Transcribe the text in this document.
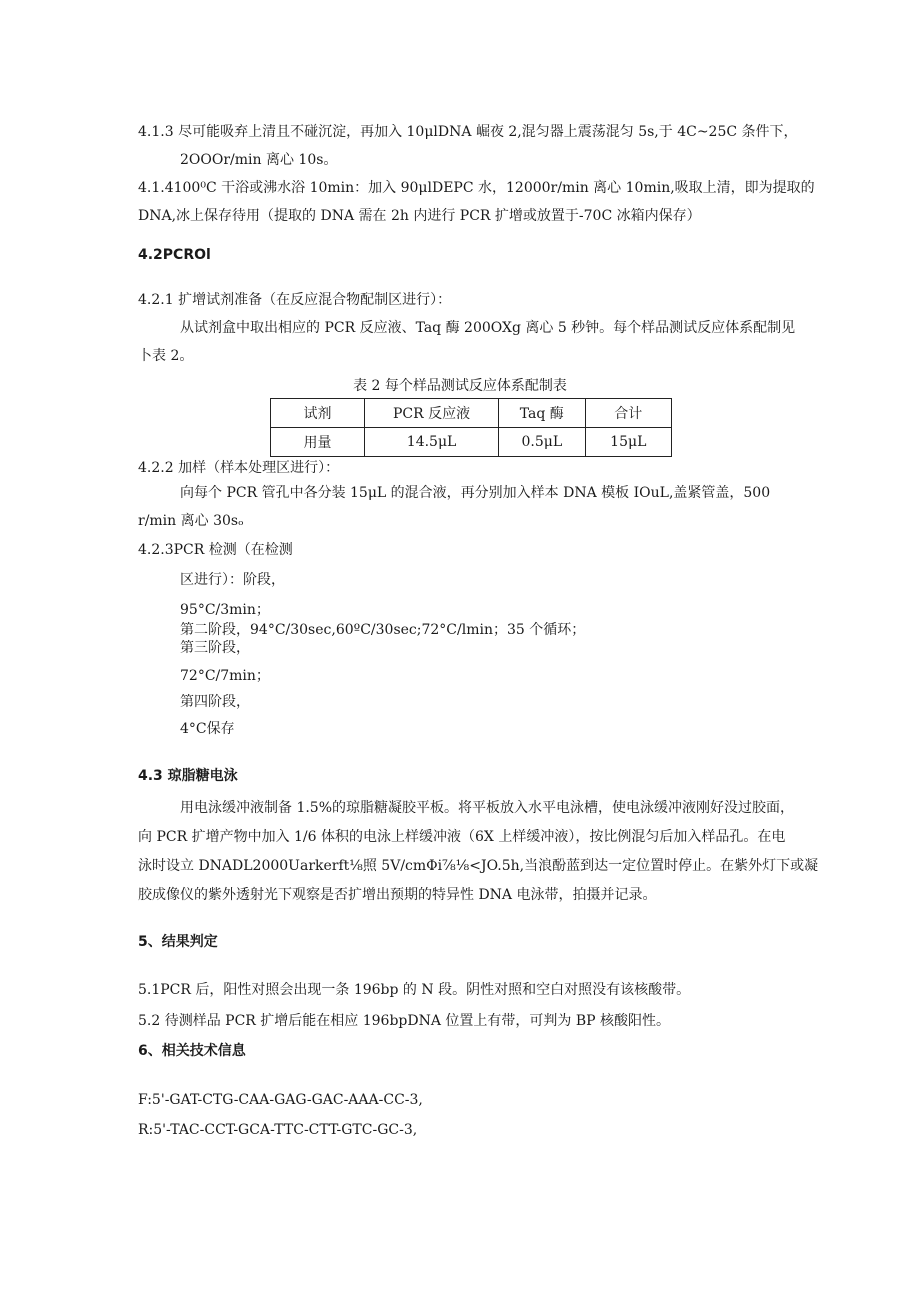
4.1.3 尽可能吸弃上清且不碰沉淀，再加入 10μlDNA 崛夜 2,混匀器上震荡混匀 5s,于 4C~25C 条件下，
2OOOr/min 离心 10s。
4.1.4100⁰C 干浴或沸水浴 10min：加入 90μlDEPC 水，12000r/min 离心 10min,吸取上清，即为提取的
DNA,冰上保存待用（提取的 DNA 需在 2h 内进行 PCR 扩增或放置于-70C 冰箱内保存）
4.2PCROl
4.2.1 扩增试剂准备（在反应混合物配制区进行）：
从试剂盒中取出相应的 PCR 反应液、Taq 酶 200OXg 离心 5 秒钟。每个样品测试反应体系配制见
卜表 2。
表 2 每个样品测试反应体系配制表
试剂	PCR 反应液	Taq 酶	合计
用量	14.5μL	0.5μL	15μL
4.2.2 加样（样本处理区进行）：
向每个 PCR 管孔中各分装 15μL 的混合液，再分别加入样本 DNA 模板 IOuL,盖紧管盖，500
r/min 离心 30sₒ
4.2.3PCR 检测（在检测
区进行）：阶段，
95°C/3min；
第二阶段，94°C/30sec,60ºC/30sec;72°C/lmin；35 个循环；
第三阶段，
72°C/7min；
第四阶段，
4°C保存
4.3 琼脂糖电泳
用电泳缓冲液制备 1.5%的琼脂糖凝胶平板。将平板放入水平电泳槽，使电泳缓冲液刚好没过胶面，
向 PCR 扩增产物中加入 1/6 体积的电泳上样缓冲液（6X 上样缓冲液），按比例混匀后加入样品孔。在电
泳时设立 DNADL2000Uarkerft⅛照 5V/cmΦi⅞⅛<JO.5h,当浪酚蓝到达一定位置时停止。在紫外灯下或凝
胶成像仪的紫外透射光下观察是否扩增出预期的特异性 DNA 电泳带，拍摄并记录。
5、结果判定
5.1PCR 后，阳性对照会出现一条 196bp 的 N 段。阴性对照和空白对照没有该核酸带。
5.2 待测样品 PCR 扩增后能在相应 196bpDNA 位置上有带，可判为 BP 核酸阳性。
6、相关技术信息
F:5'-GAT-CTG-CAA-GAG-GAC-AAA-CC-3,
R:5'-TAC-CCT-GCA-TTC-CTT-GTC-GC-3,
